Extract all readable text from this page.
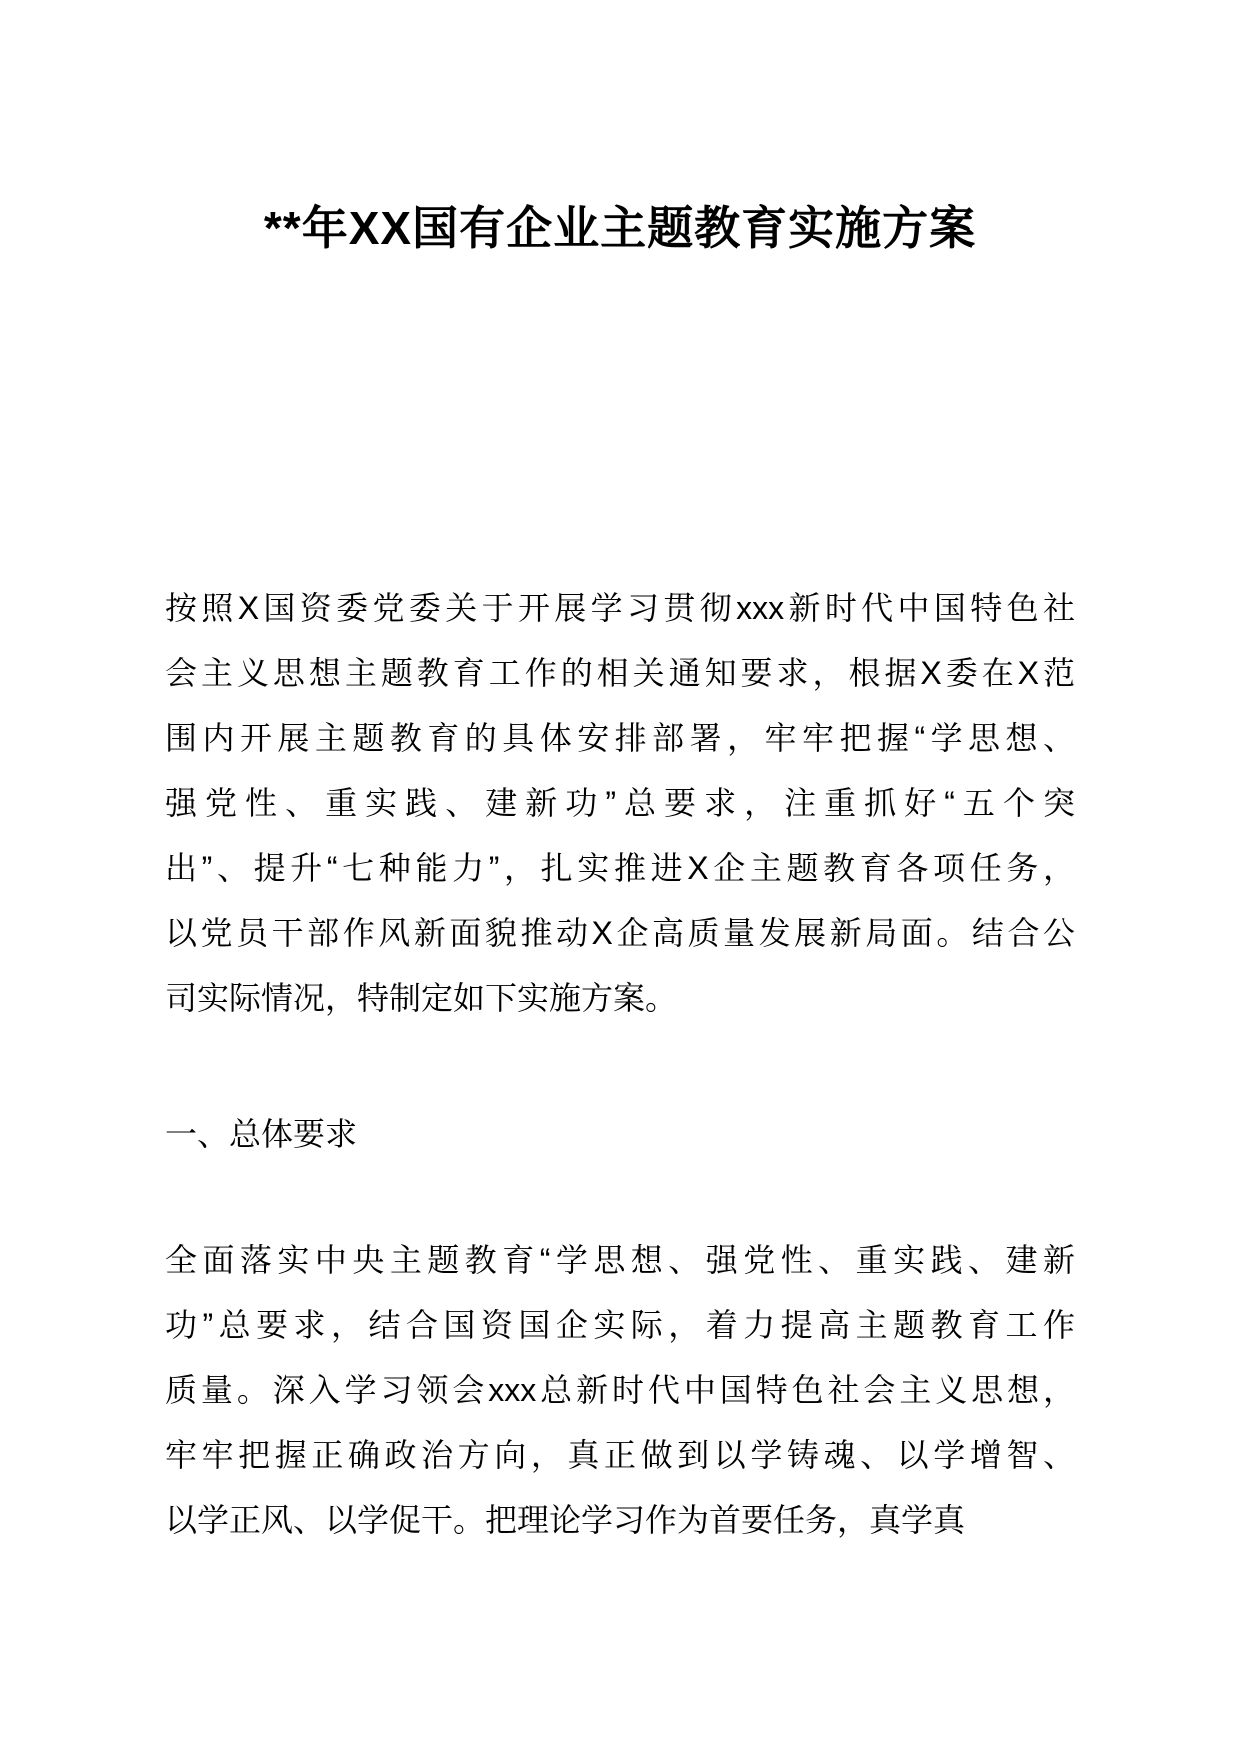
**年XX国有企业主题教育实施方案
按照X国资委党委关于开展学习贯彻xxx新时代中国特色社
会主义思想主题教育工作的相关通知要求，根据X委在X范
围内开展主题教育的具体安排部署，牢牢把握“学思想、
强党性、重实践、建新功”总要求，注重抓好“五个突
出”、提升“七种能力”，扎实推进X企主题教育各项任务，
以党员干部作风新面貌推动X企高质量发展新局面。结合公
司实际情况，特制定如下实施方案。
一、总体要求
全面落实中央主题教育“学思想、强党性、重实践、建新
功”总要求，结合国资国企实际，着力提高主题教育工作
质量。深入学习领会xxx总新时代中国特色社会主义思想，
牢牢把握正确政治方向，真正做到以学铸魂、以学增智、
以学正风、以学促干。把理论学习作为首要任务，真学真
